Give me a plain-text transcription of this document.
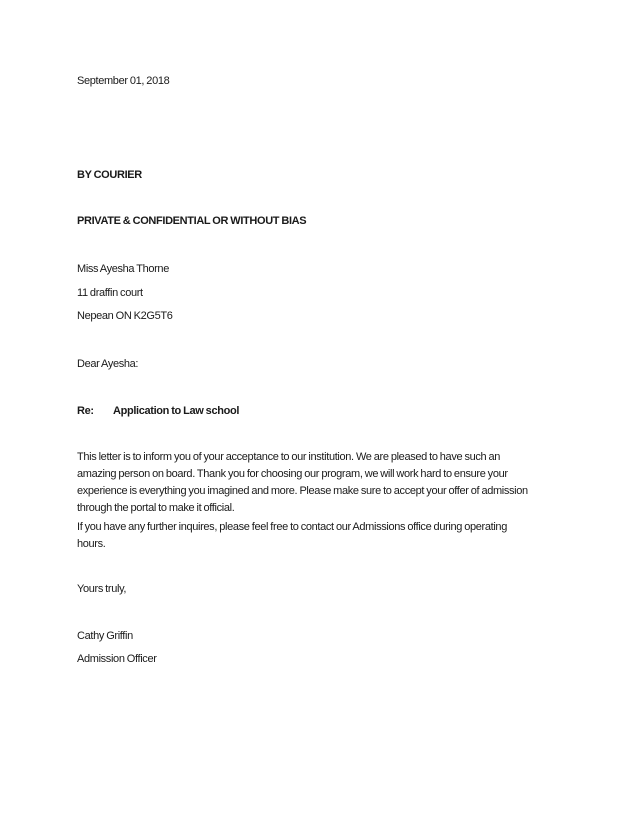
September 01, 2018
BY COURIER
PRIVATE & CONFIDENTIAL OR WITHOUT BIAS
Miss Ayesha Thorne
11 draffin court
Nepean ON K2G5T6
Dear Ayesha:
Re: Application to Law school
This letter is to inform you of your acceptance to our institution. We are pleased to have such an
amazing person on board. Thank you for choosing our program, we will work hard to ensure your
experience is everything you imagined and more. Please make sure to accept your offer of admission
through the portal to make it official.
If you have any further inquires, please feel free to contact our Admissions office during operating
hours.
Yours truly,
Cathy Griffin
Admission Officer
